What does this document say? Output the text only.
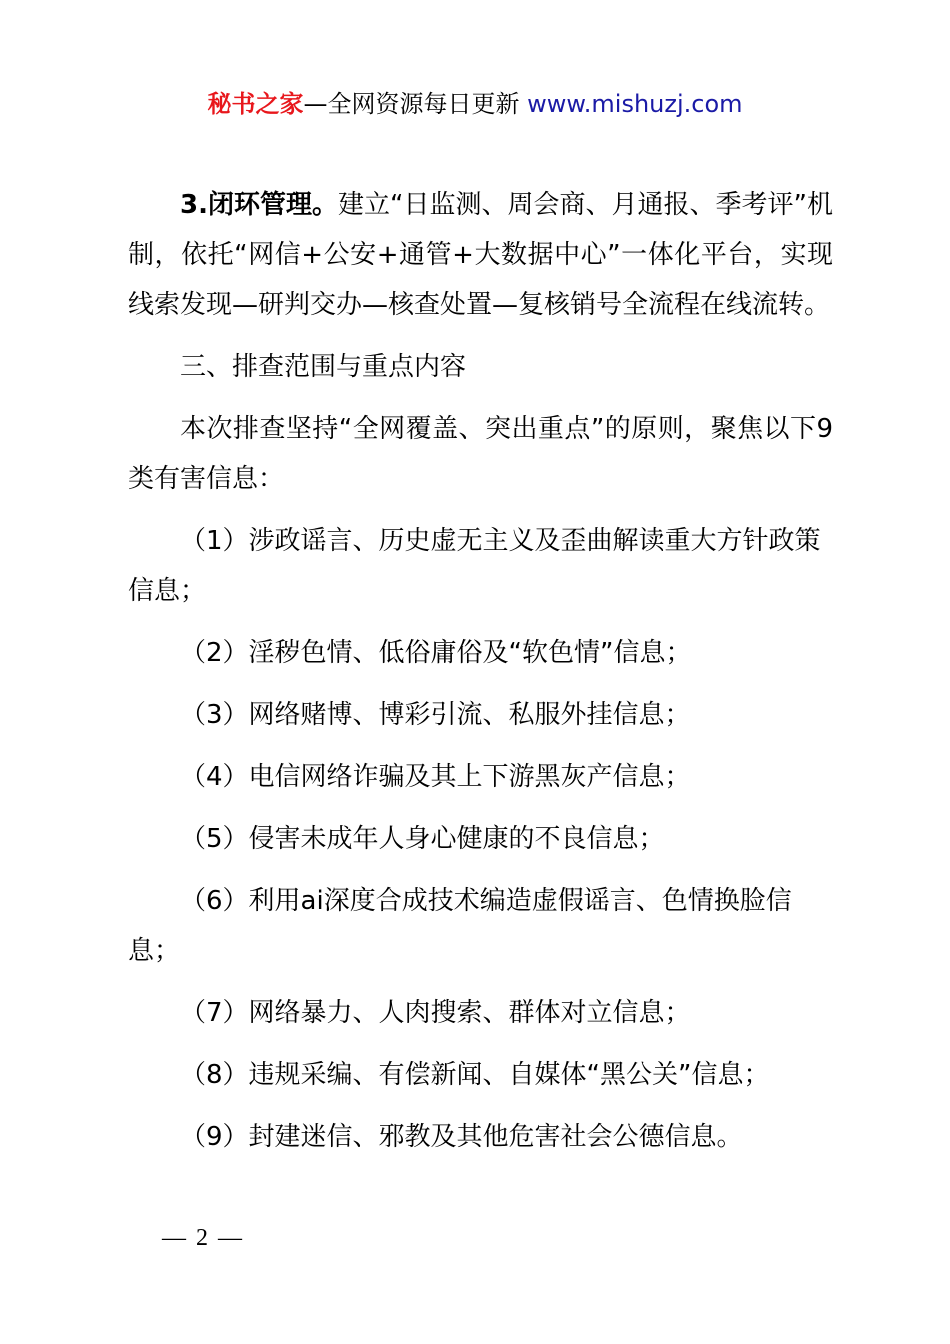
秘书之家—全网资源每日更新 www.mishuzj.com

3.闭环管理。建立“日监测、周会商、月通报、季考评”机制，依托“网信+公安+通管+大数据中心”一体化平台，实现线索发现—研判交办—核查处置—复核销号全流程在线流转。

三、排查范围与重点内容

本次排查坚持“全网覆盖、突出重点”的原则，聚焦以下9类有害信息：

（1）涉政谣言、历史虚无主义及歪曲解读重大方针政策信息；

（2）淫秽色情、低俗庸俗及“软色情”信息；

（3）网络赌博、博彩引流、私服外挂信息；

（4）电信网络诈骗及其上下游黑灰产信息；

（5）侵害未成年人身心健康的不良信息；

（6）利用ai深度合成技术编造虚假谣言、色情换脸信息；

（7）网络暴力、人肉搜索、群体对立信息；

（8）违规采编、有偿新闻、自媒体“黑公关”信息；

（9）封建迷信、邪教及其他危害社会公德信息。

— 2 —
